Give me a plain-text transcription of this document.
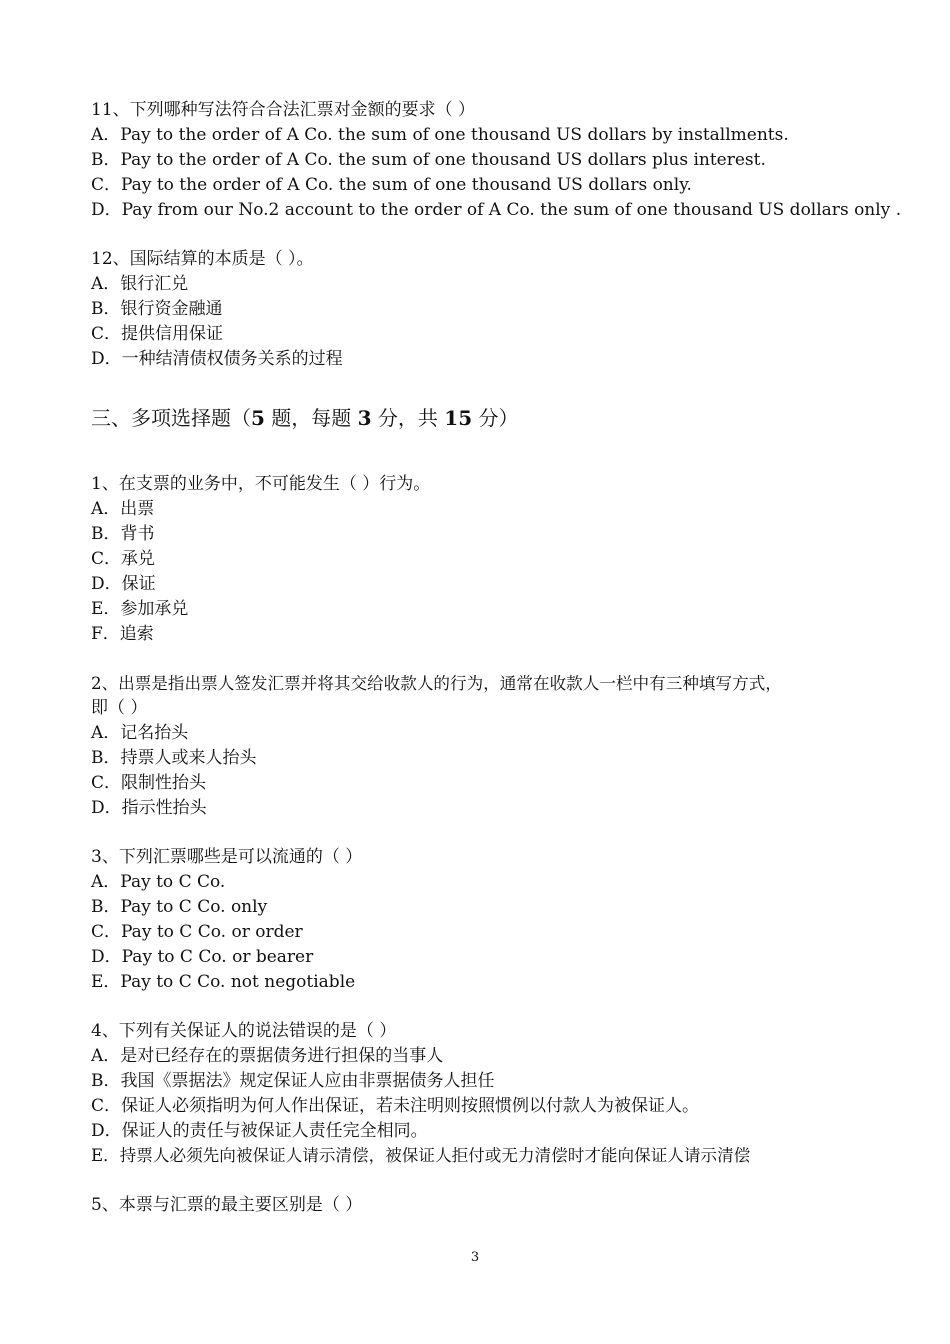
11、下列哪种写法符合合法汇票对金额的要求（ ）
A．Pay to the order of A Co. the sum of one thousand US dollars by installments.
B．Pay to the order of A Co. the sum of one thousand US dollars plus interest.
C．Pay to the order of A Co. the sum of one thousand US dollars only.
D．Pay from our No.2 account to the order of A Co. the sum of one thousand US dollars only .
12、国际结算的本质是（ ）。
A．银行汇兑
B．银行资金融通
C．提供信用保证
D．一种结清债权债务关系的过程
三、多项选择题（5 题，每题 3 分，共 15 分）
1、在支票的业务中，不可能发生（ ）行为。
A．出票
B．背书
C．承兑
D．保证
E．参加承兑
F．追索
2、出票是指出票人签发汇票并将其交给收款人的行为，通常在收款人一栏中有三种填写方式，
即（ ）
A．记名抬头
B．持票人或来人抬头
C．限制性抬头
D．指示性抬头
3、下列汇票哪些是可以流通的（ ）
A．Pay to C Co.
B．Pay to C Co. only
C．Pay to C Co. or order
D．Pay to C Co. or bearer
E．Pay to C Co. not negotiable
4、下列有关保证人的说法错误的是（ ）
A．是对已经存在的票据债务进行担保的当事人
B．我国《票据法》规定保证人应由非票据债务人担任
C．保证人必须指明为何人作出保证，若未注明则按照惯例以付款人为被保证人。
D．保证人的责任与被保证人责任完全相同。
E．持票人必须先向被保证人请示清偿，被保证人拒付或无力清偿时才能向保证人请示清偿
5、本票与汇票的最主要区别是（ ）
3
